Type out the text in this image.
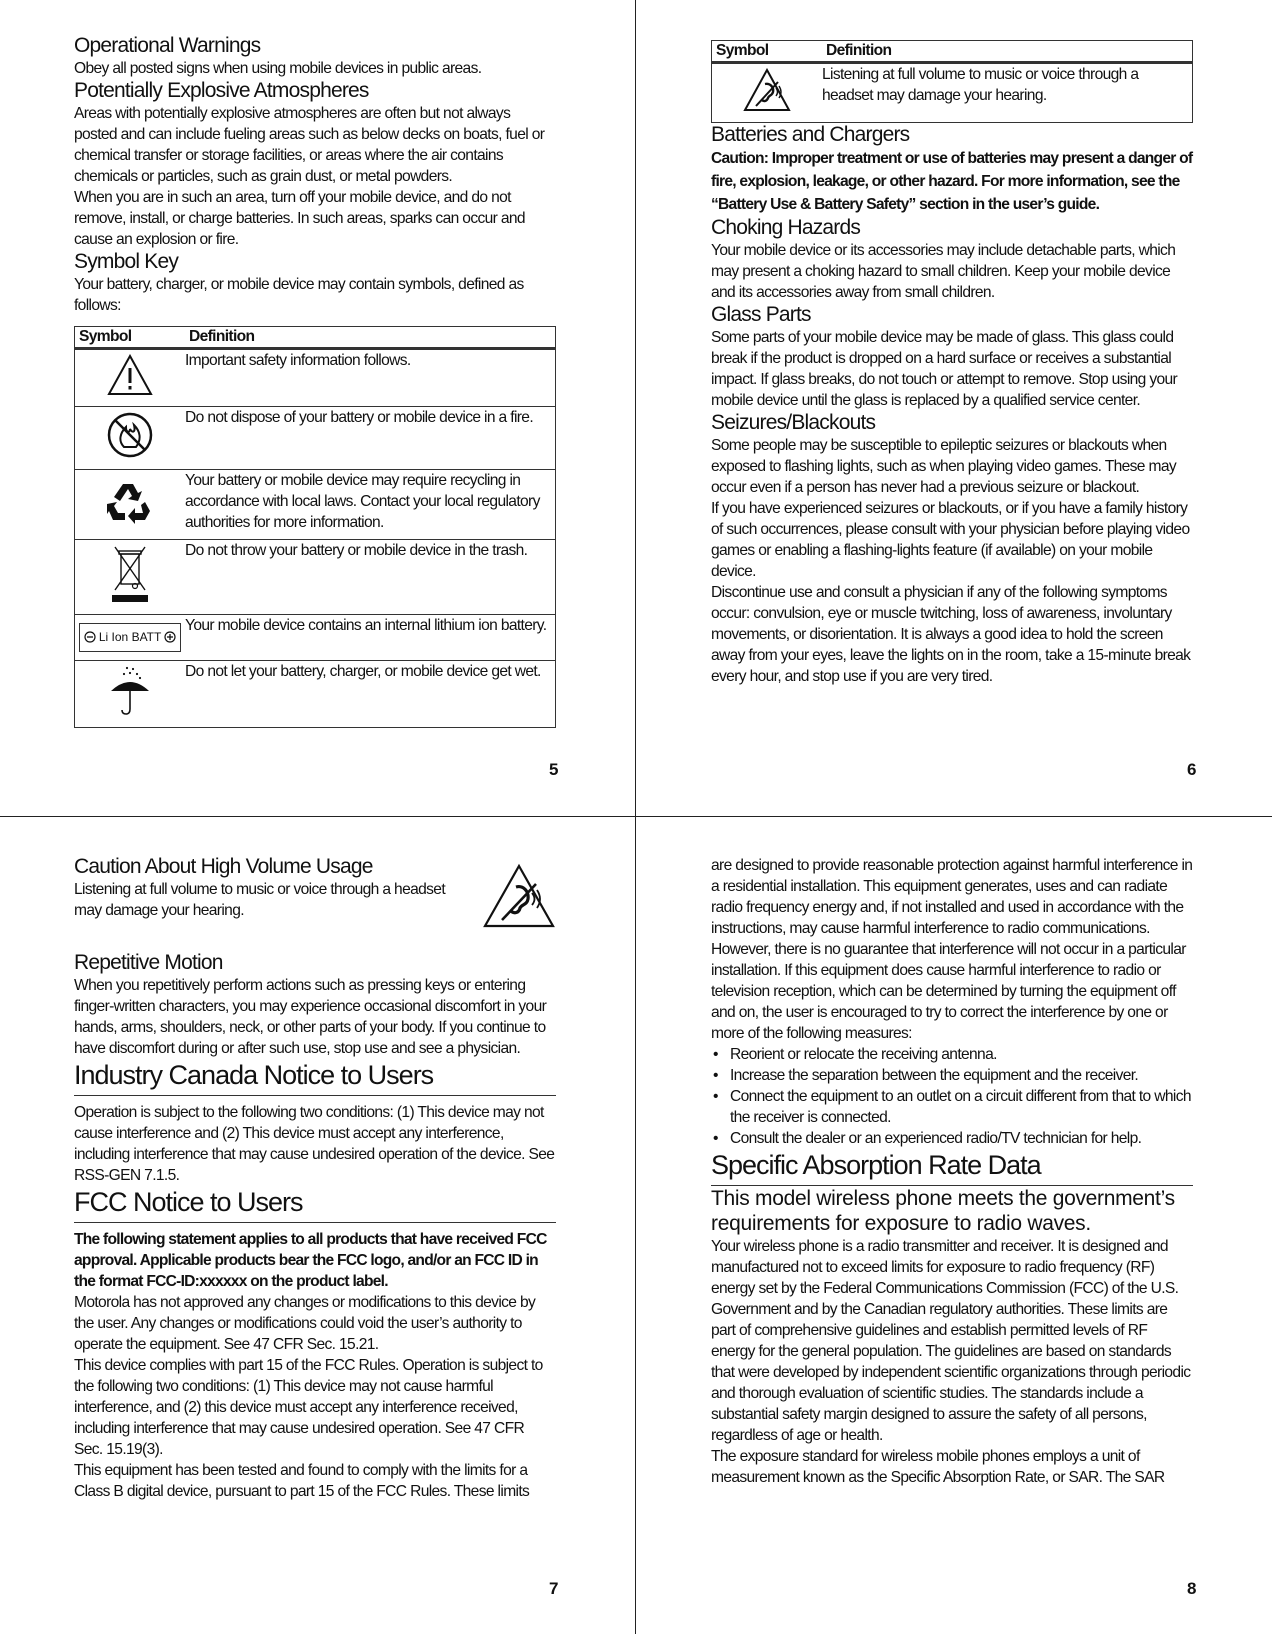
Operational Warnings

Obey all posted signs when using mobile devices in public areas.

Potentially Explosive Atmospheres

Areas with potentially explosive atmospheres are often but not always posted and can include fueling areas such as below decks on boats, fuel or chemical transfer or storage facilities, or areas where the air contains chemicals or particles, such as grain dust, or metal powders.

When you are in such an area, turn off your mobile device, and do not remove, install, or charge batteries. In such areas, sparks can occur and cause an explosion or fire.

Symbol Key

Your battery, charger, or mobile device may contain symbols, defined as follows:

Symbol	Definition
	Important safety information follows.
	Do not dispose of your battery or mobile device in a fire.
	Your battery or mobile device may require recycling in accordance with local laws. Contact your local regulatory authorities for more information.
	Do not throw your battery or mobile device in the trash.
Li Ion BATT	Your mobile device contains an internal lithium ion battery.
	Do not let your battery, charger, or mobile device get wet.
5
Symbol	Definition
	Listening at full volume to music or voice through a headset may damage your hearing.
Batteries and Chargers

Caution: Improper treatment or use of batteries may present a danger of fire, explosion, leakage, or other hazard. For more information, see the “Battery Use & Battery Safety” section in the user’s guide.

Choking Hazards

Your mobile device or its accessories may include detachable parts, which may present a choking hazard to small children. Keep your mobile device and its accessories away from small children.

Glass Parts

Some parts of your mobile device may be made of glass. This glass could break if the product is dropped on a hard surface or receives a substantial impact. If glass breaks, do not touch or attempt to remove. Stop using your mobile device until the glass is replaced by a qualified service center.

Seizures/Blackouts

Some people may be susceptible to epileptic seizures or blackouts when exposed to flashing lights, such as when playing video games. These may occur even if a person has never had a previous seizure or blackout.

If you have experienced seizures or blackouts, or if you have a family history of such occurrences, please consult with your physician before playing video games or enabling a flashing-lights feature (if available) on your mobile device.

Discontinue use and consult a physician if any of the following symptoms occur: convulsion, eye or muscle twitching, loss of awareness, involuntary movements, or disorientation. It is always a good idea to hold the screen away from your eyes, leave the lights on in the room, take a 15-minute break every hour, and stop use if you are very tired.

6
Caution About High Volume Usage

Listening at full volume to music or voice through a headset may damage your hearing.

Repetitive Motion

When you repetitively perform actions such as pressing keys or entering finger-written characters, you may experience occasional discomfort in your hands, arms, shoulders, neck, or other parts of your body. If you continue to have discomfort during or after such use, stop use and see a physician.

Industry Canada Notice to Users

Operation is subject to the following two conditions: (1) This device may not cause interference and (2) This device must accept any interference, including interference that may cause undesired operation of the device. See RSS-GEN 7.1.5.

FCC Notice to Users

The following statement applies to all products that have received FCC approval. Applicable products bear the FCC logo, and/or an FCC ID in the format FCC-ID:xxxxxx on the product label.

Motorola has not approved any changes or modifications to this device by the user. Any changes or modifications could void the user’s authority to operate the equipment. See 47 CFR Sec. 15.21.

This device complies with part 15 of the FCC Rules. Operation is subject to the following two conditions: (1) This device may not cause harmful interference, and (2) this device must accept any interference received, including interference that may cause undesired operation. See 47 CFR Sec. 15.19(3).

This equipment has been tested and found to comply with the limits for a Class B digital device, pursuant to part 15 of the FCC Rules. These limits

7

are designed to provide reasonable protection against harmful interference in a residential installation. This equipment generates, uses and can radiate radio frequency energy and, if not installed and used in accordance with the instructions, may cause harmful interference to radio communications. However, there is no guarantee that interference will not occur in a particular installation. If this equipment does cause harmful interference to radio or television reception, which can be determined by turning the equipment off and on, the user is encouraged to try to correct the interference by one or more of the following measures:

• Reorient or relocate the receiving antenna.
• Increase the separation between the equipment and the receiver.
• Connect the equipment to an outlet on a circuit different from that to which the receiver is connected.
• Consult the dealer or an experienced radio/TV technician for help.
Specific Absorption Rate Data
This model wireless phone meets the government’s requirements for exposure to radio waves.

Your wireless phone is a radio transmitter and receiver. It is designed and manufactured not to exceed limits for exposure to radio frequency (RF) energy set by the Federal Communications Commission (FCC) of the U.S. Government and by the Canadian regulatory authorities. These limits are part of comprehensive guidelines and establish permitted levels of RF energy for the general population. The guidelines are based on standards that were developed by independent scientific organizations through periodic and thorough evaluation of scientific studies. The standards include a substantial safety margin designed to assure the safety of all persons, regardless of age or health.

The exposure standard for wireless mobile phones employs a unit of measurement known as the Specific Absorption Rate, or SAR. The SAR

8
